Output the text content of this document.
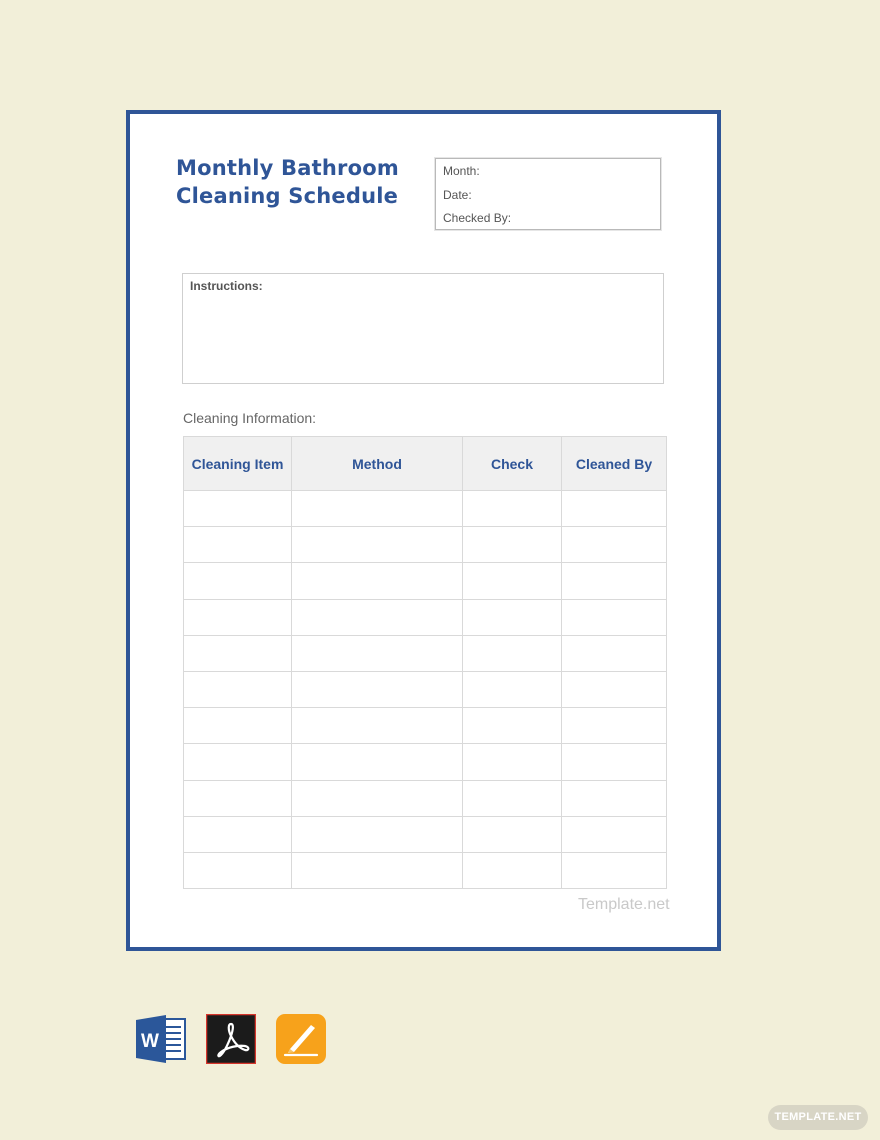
Monthly Bathroom
Cleaning Schedule
Month:
Date:
Checked By:
Instructions:
Cleaning Information:
Cleaning Item	Method	Check	Cleaned By

Template.net
W
TEMPLATE.NET
